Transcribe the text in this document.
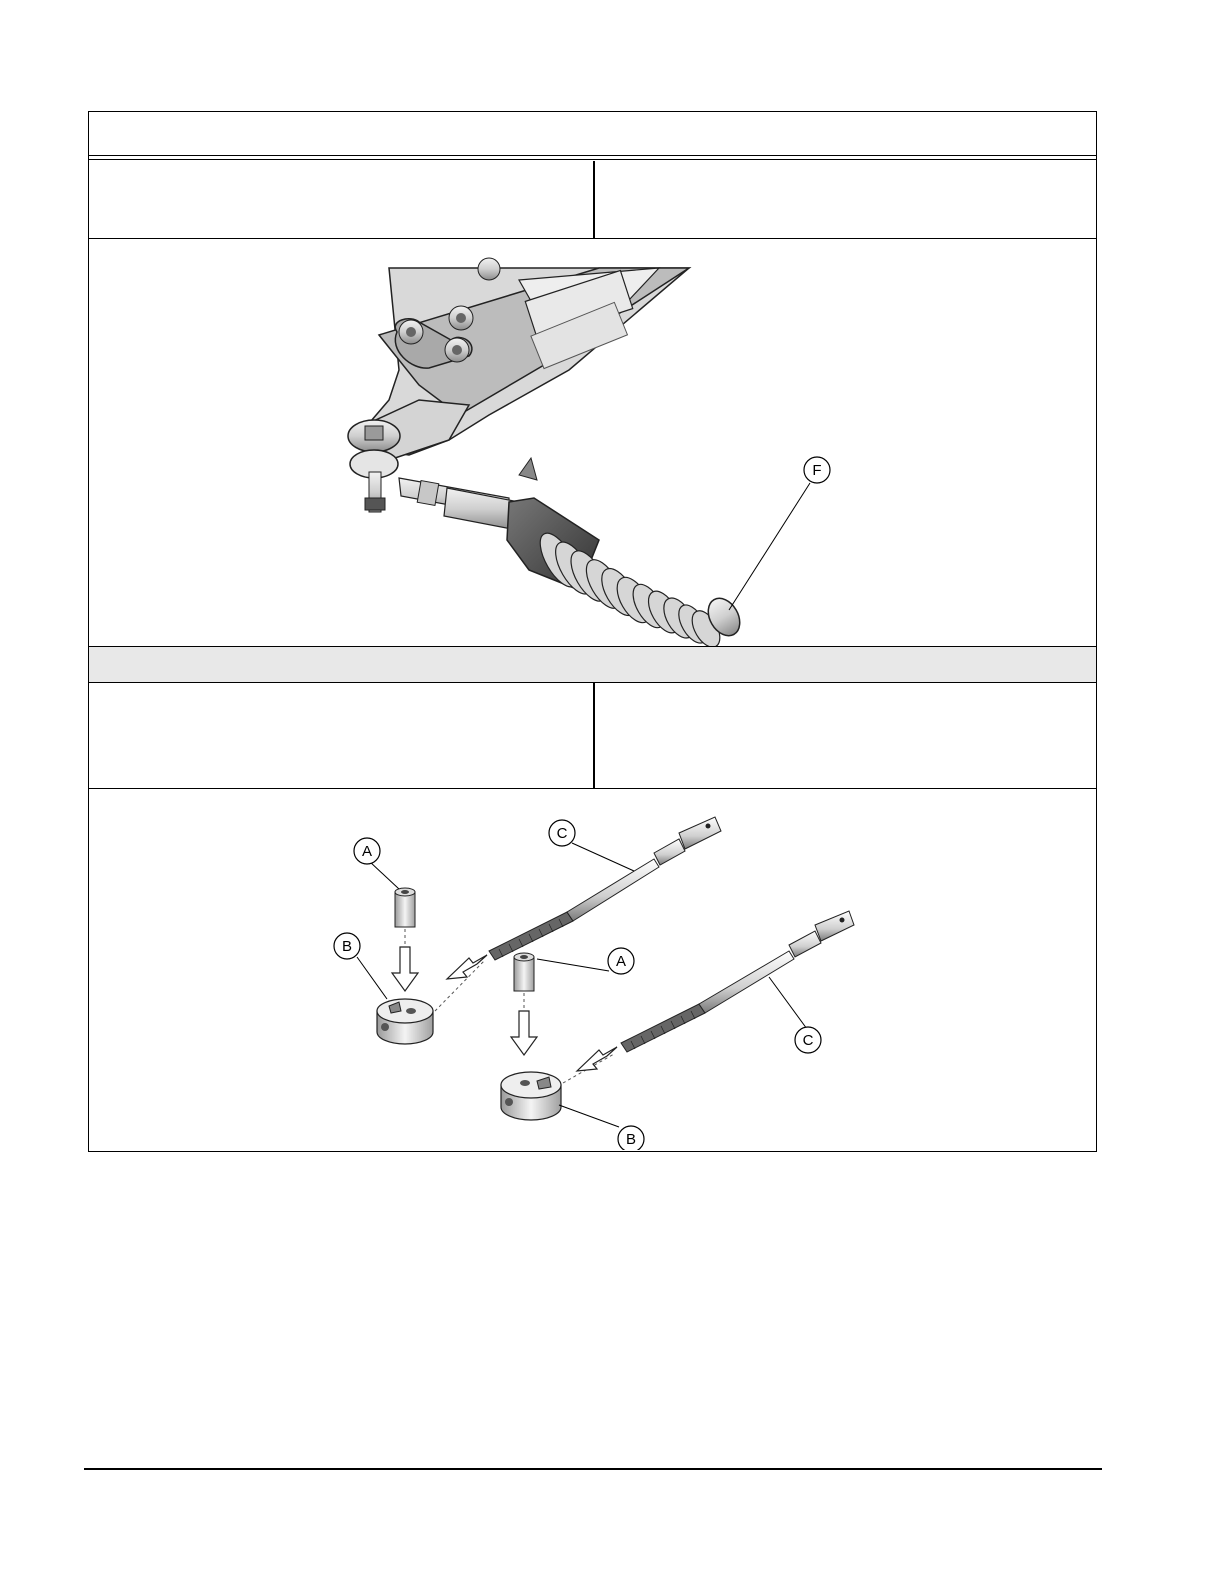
F
A
C
B
A
C
B
